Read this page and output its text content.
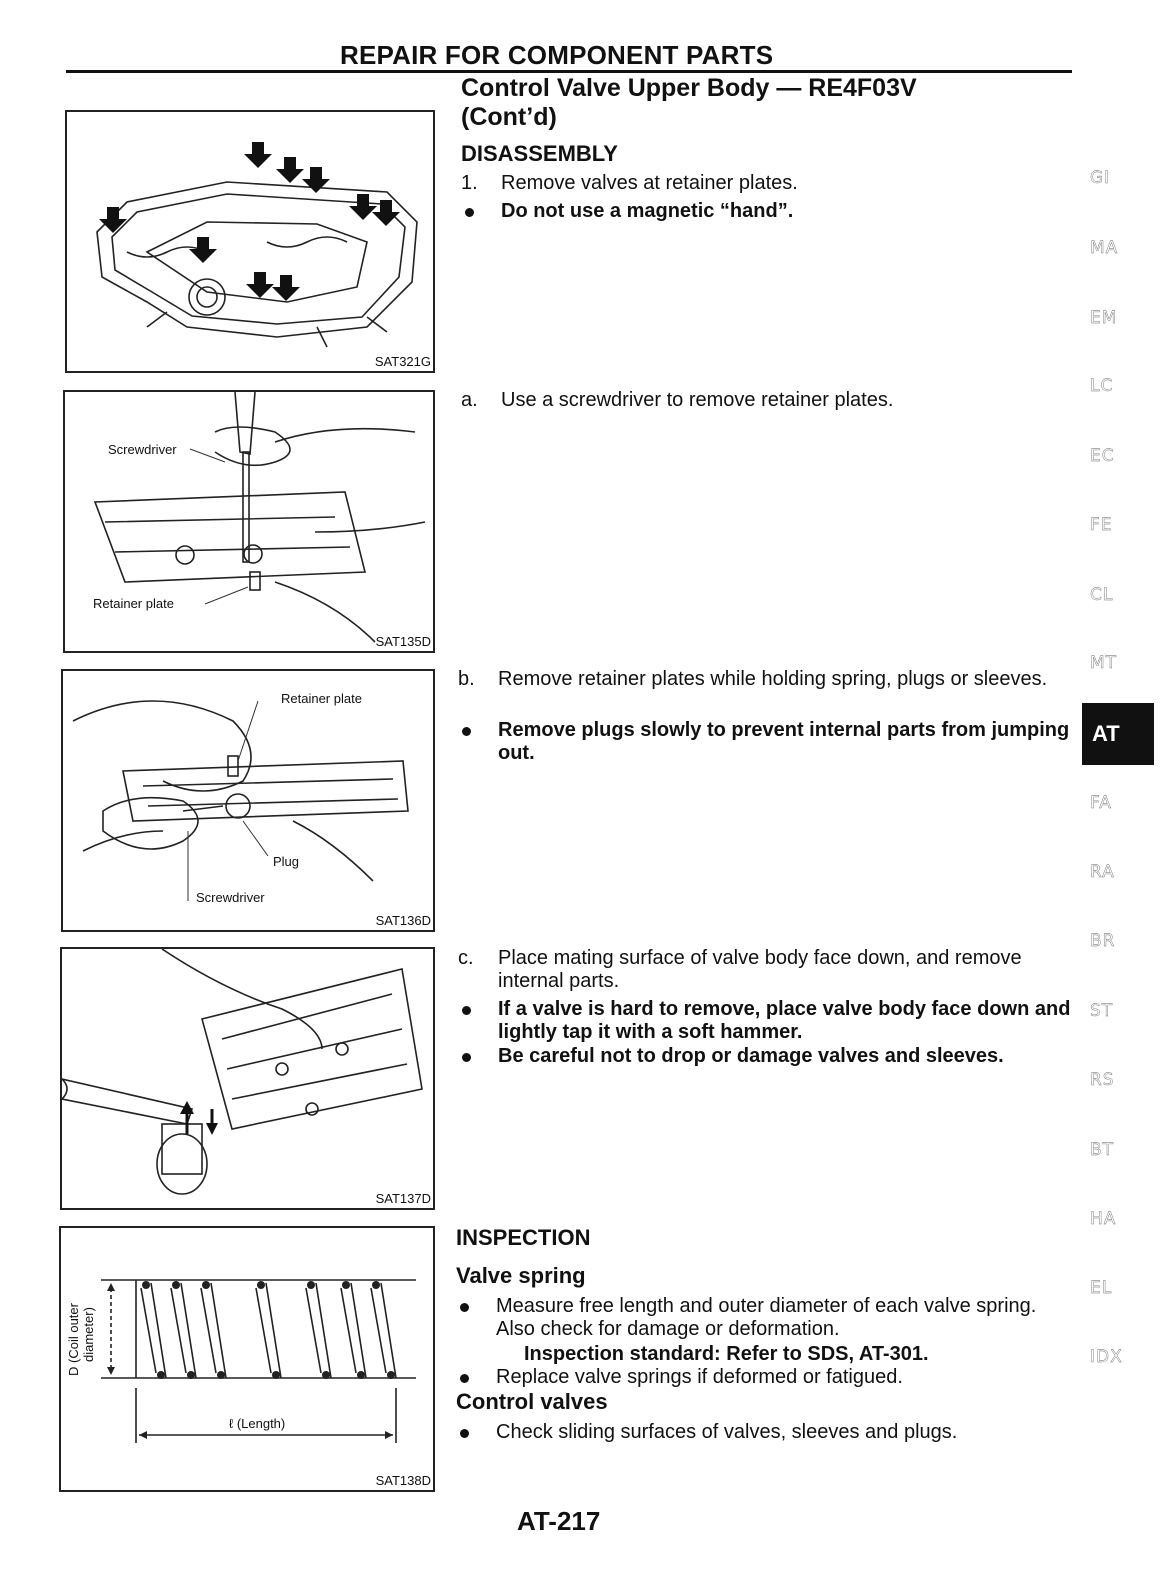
REPAIR FOR COMPONENT PARTS
Control Valve Upper Body — RE4F03V
(Cont’d)
DISASSEMBLY
1.	Remove valves at retainer plates.
Do not use a magnetic “hand”.
a.	Use a screwdriver to remove retainer plates.
b.	Remove retainer plates while holding spring, plugs or sleeves.
Remove plugs slowly to prevent internal parts from jumping out.
c.	Place mating surface of valve body face down, and remove internal parts.
If a valve is hard to remove, place valve body face down and lightly tap it with a soft hammer.
Be careful not to drop or damage valves and sleeves.
INSPECTION
Valve spring
Measure free length and outer diameter of each valve spring. Also check for damage or deformation.
Inspection standard: Refer to SDS, AT-301.
Replace valve springs if deformed or fatigued.
Control valves
Check sliding surfaces of valves, sleeves and plugs.
SAT321G
Screwdriver
Retainer plate
SAT135D
Retainer plate
Plug
Screwdriver
SAT136D
SAT137D
ℓ (Length)
D (Coil outer diameter)
SAT138D
GI
MA
EM
LC
EC
FE
CL
MT
AT
FA
RA
BR
ST
RS
BT
HA
EL
IDX
AT-217
